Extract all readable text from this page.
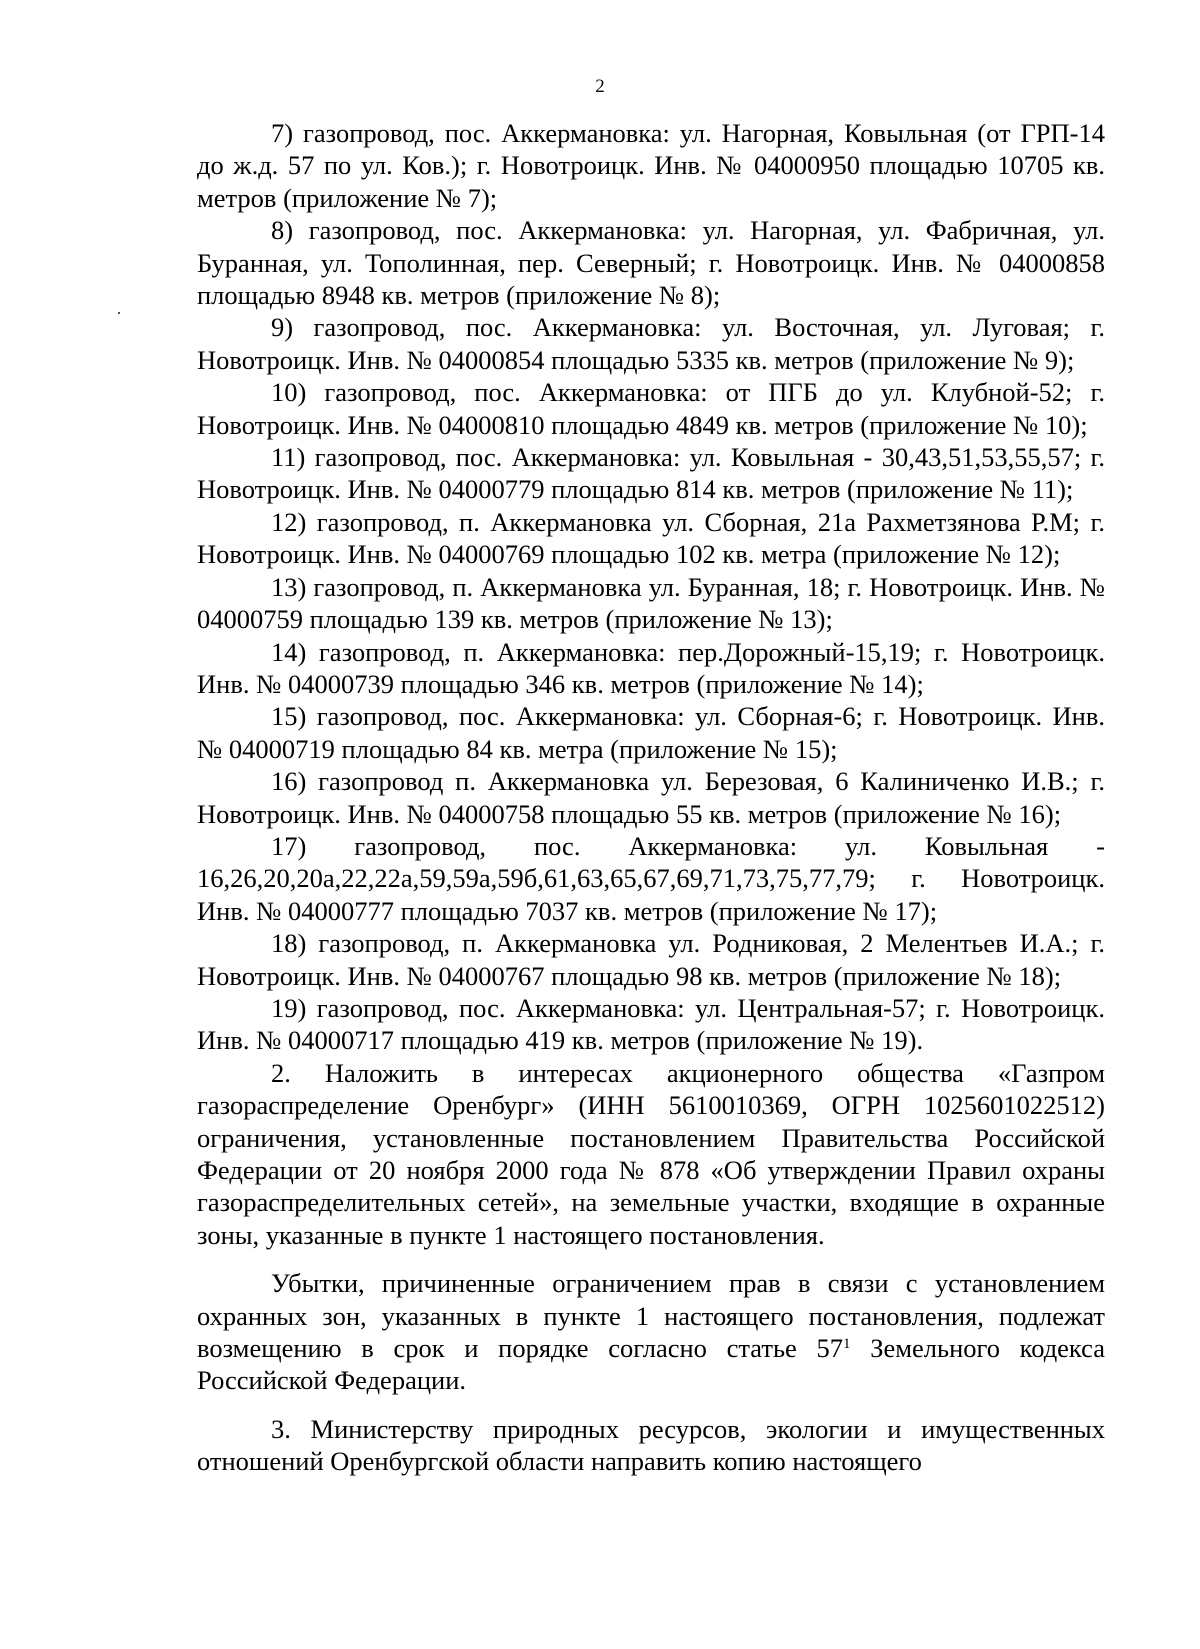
2

7) газопровод, пос. Аккермановка: ул. Нагорная, Ковыльная (от ГРП-14 до ж.д. 57 по ул. Ков.); г. Новотроицк. Инв. № 04000950 площадью 10705 кв. метров (приложение № 7);

8) газопровод, пос. Аккермановка: ул. Нагорная, ул. Фабричная, ул. Буранная, ул. Тополинная, пер. Северный; г. Новотроицк. Инв. № 04000858 площадью 8948 кв. метров (приложение № 8);

9) газопровод, пос. Аккермановка: ул. Восточная, ул. Луговая; г. Новотроицк. Инв. № 04000854 площадью 5335 кв. метров (приложение № 9);

10) газопровод, пос. Аккермановка: от ПГБ до ул. Клубной-52; г. Новотроицк. Инв. № 04000810 площадью 4849 кв. метров (приложение № 10);

11) газопровод, пос. Аккермановка: ул. Ковыльная - 30,43,51,53,55,57; г. Новотроицк. Инв. № 04000779 площадью 814 кв. метров (приложение № 11);

12) газопровод, п. Аккермановка ул. Сборная, 21а Рахметзянова Р.М; г. Новотроицк. Инв. № 04000769 площадью 102 кв. метра (приложение № 12);

13) газопровод, п. Аккермановка ул. Буранная, 18; г. Новотроицк. Инв. № 04000759 площадью 139 кв. метров (приложение № 13);

14) газопровод, п. Аккермановка: пер.Дорожный-15,19; г. Новотроицк. Инв. № 04000739 площадью 346 кв. метров (приложение № 14);

15) газопровод, пос. Аккермановка: ул. Сборная-6; г. Новотроицк. Инв. № 04000719 площадью 84 кв. метра (приложение № 15);

16) газопровод п. Аккермановка ул. Березовая, 6 Калиниченко И.В.; г. Новотроицк. Инв. № 04000758 площадью 55 кв. метров (приложение № 16);

17) газопровод, пос. Аккермановка: ул. Ковыльная - 16,26,20,20а,22,22а,59,59а,59б,61,63,65,67,69,71,73,75,77,79; г. Новотроицк. Инв. № 04000777 площадью 7037 кв. метров (приложение № 17);

18) газопровод, п. Аккермановка ул. Родниковая, 2 Мелентьев И.А.; г. Новотроицк. Инв. № 04000767 площадью 98 кв. метров (приложение № 18);

19) газопровод, пос. Аккермановка: ул. Центральная-57; г. Новотроицк. Инв. № 04000717 площадью 419 кв. метров (приложение № 19).

2. Наложить в интересах акционерного общества «Газпром газораспределение Оренбург» (ИНН 5610010369, ОГРН 1025601022512) ограничения, установленные постановлением Правительства Российской Федерации от 20 ноября 2000 года № 878 «Об утверждении Правил охраны газораспределительных сетей», на земельные участки, входящие в охранные зоны, указанные в пункте 1 настоящего постановления.

Убытки, причиненные ограничением прав в связи с установлением охранных зон, указанных в пункте 1 настоящего постановления, подлежат возмещению в срок и порядке согласно статье $57^1$ Земельного кодекса Российской Федерации.

3. Министерству природных ресурсов, экологии и имущественных отношений Оренбургской области направить копию настоящего
